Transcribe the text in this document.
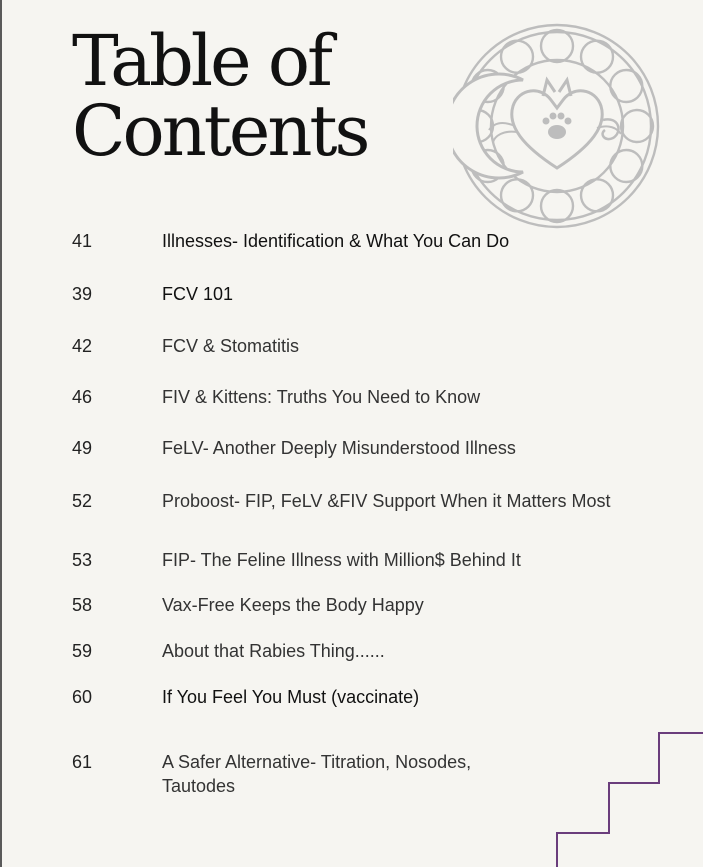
Table of
Contents
41	Illnesses- Identification & What You Can Do
39	FCV 101
42	FCV & Stomatitis
46	FIV & Kittens: Truths You Need to Know
49	FeLV- Another Deeply Misunderstood Illness
52	Proboost- FIP, FeLV &FIV Support When it Matters Most
53	FIP- The Feline Illness with Million$ Behind It
58	Vax-Free Keeps the Body Happy
59	About that Rabies Thing......
60	If You Feel You Must (vaccinate)
61	A Safer Alternative- Titration, Nosodes, Tautodes
